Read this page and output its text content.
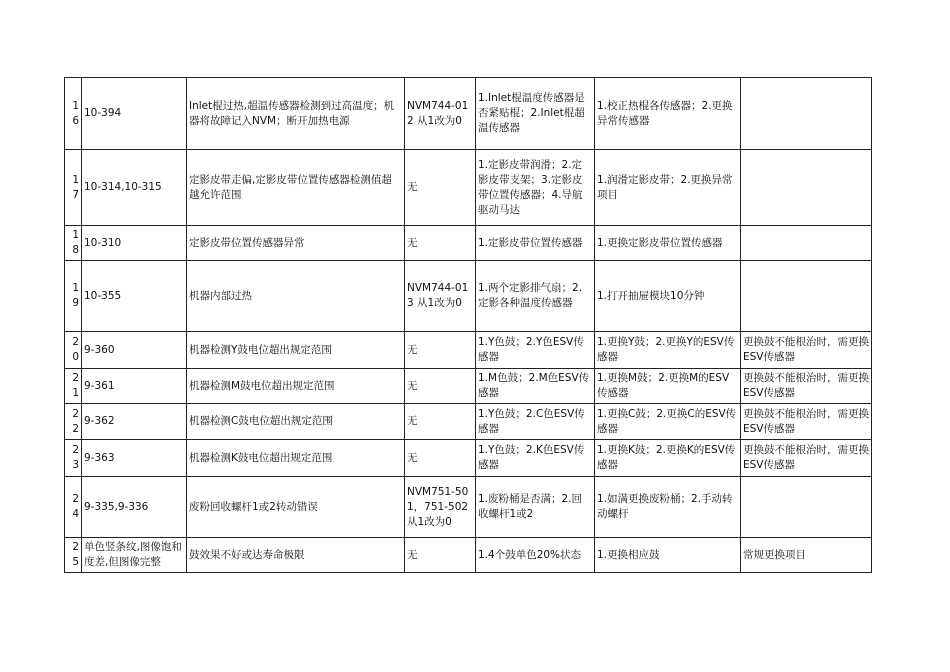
16	10-394	Inlet棍过热,超温传感器检测到过高温度；机器将故障记入NVM；断开加热电源	NVM744-012 从1改为0	1.Inlet棍温度传感器是否紧贴棍；2.Inlet棍超温传感器	1.校正热棍各传感器；2.更换异常传感器	
17	10-314,10-315	定影皮带走偏,定影皮带位置传感器检测值超越允许范围	无	1.定影皮带润滑；2.定影皮带支架；3.定影皮带位置传感器；4.导航驱动马达	1.润滑定影皮带；2.更换异常项目	
18	10-310	定影皮带位置传感器异常	无	1.定影皮带位置传感器	1.更换定影皮带位置传感器	
19	10-355	机器内部过热	NVM744-013 从1改为0	1.两个定影排气扇；2.定影各种温度传感器	1.打开抽屉模块10分钟	
20	9-360	机器检测Y鼓电位超出规定范围	无	1.Y色鼓；2.Y色ESV传感器	1.更换Y鼓；2.更换Y的ESV传感器	更换鼓不能根治时，需更换ESV传感器
21	9-361	机器检测M鼓电位超出规定范围	无	1.M色鼓；2.M色ESV传感器	1.更换M鼓；2.更换M的ESV传感器	更换鼓不能根治时，需更换ESV传感器
22	9-362	机器检测C鼓电位超出规定范围	无	1.Y色鼓；2.C色ESV传感器	1.更换C鼓；2.更换C的ESV传感器	更换鼓不能根治时，需更换ESV传感器
23	9-363	机器检测K鼓电位超出规定范围	无	1.Y色鼓；2.K色ESV传感器	1.更换K鼓；2.更换K的ESV传感器	更换鼓不能根治时，需更换ESV传感器
24	9-335,9-336	废粉回收螺杆1或2转动错误	NVM751-501，751-502 从1改为0	1.废粉桶是否满；2.回收螺杆1或2	1.如满更换废粉桶；2.手动转动螺杆	
25	单色竖条纹,图像饱和度差,但图像完整	鼓效果不好或达寿命极限	无	1.4个鼓单色20%状态	1.更换相应鼓	常规更换项目
